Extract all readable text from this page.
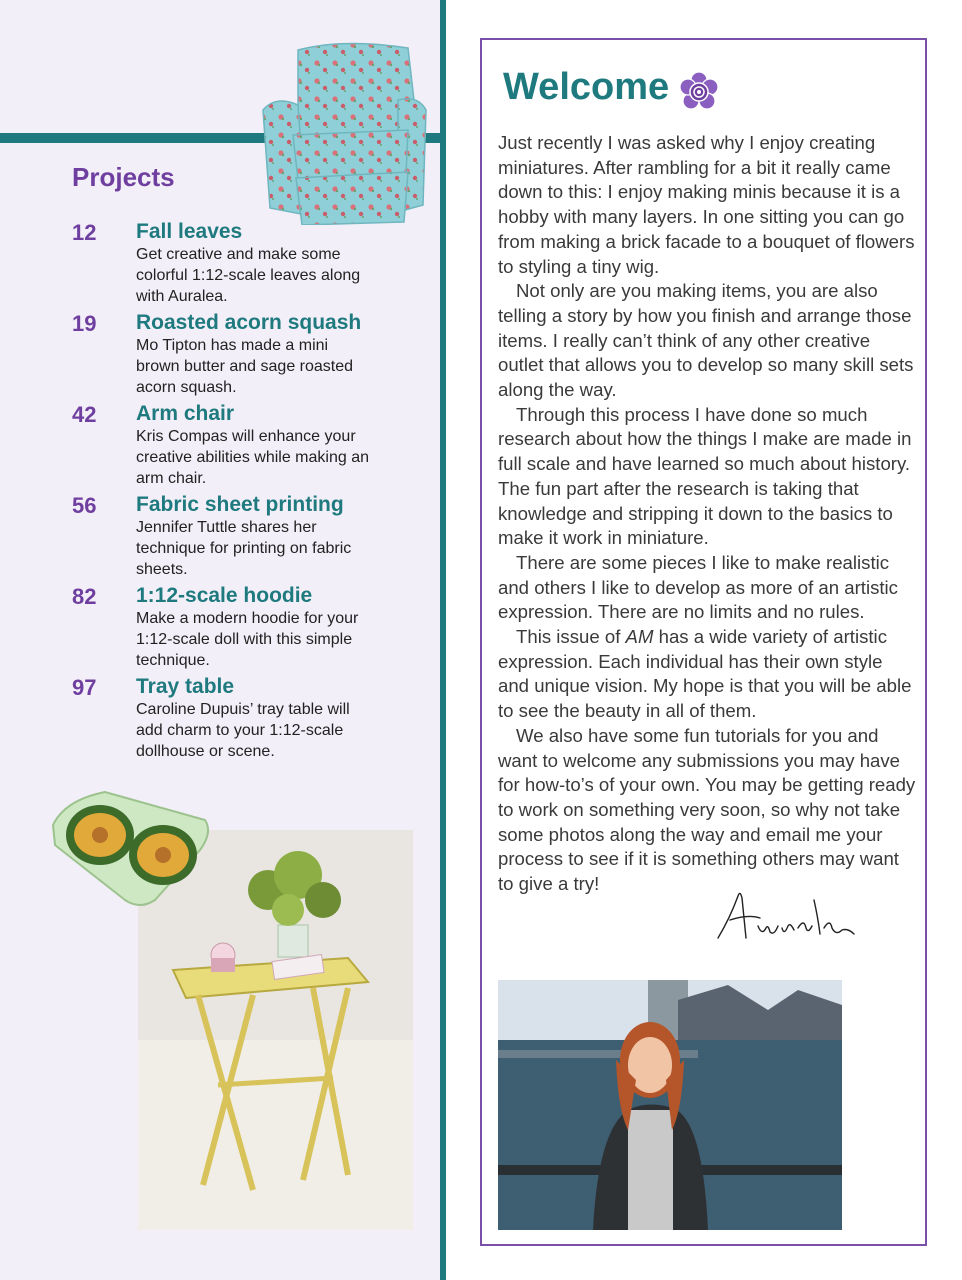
Projects
12	Fall leaves
Get creative and make some colorful 1:12-scale leaves along with Auralea.
19	Roasted acorn squash
Mo Tipton has made a mini brown butter and sage roasted acorn squash.
42	Arm chair
Kris Compas will enhance your creative abilities while making an arm chair.
56	Fabric sheet printing
Jennifer Tuttle shares her technique for printing on fabric sheets.
82	1:12-scale hoodie
Make a modern hoodie for your 1:12-scale doll with this simple technique.
97	Tray table
Caroline Dupuis’ tray table will add charm to your 1:12-scale dollhouse or scene.
Welcome

Just recently I was asked why I enjoy creating miniatures. After rambling for a bit it really came down to this: I enjoy making minis because it is a hobby with many layers. In one sitting you can go from making a brick facade to a bouquet of flowers to styling a tiny wig.

Not only are you making items, you are also telling a story by how you finish and arrange those items. I really can’t think of any other creative outlet that allows you to develop so many skill sets along the way.

Through this process I have done so much research about how the things I make are made in full scale and have learned so much about history. The fun part after the research is taking that knowledge and stripping it down to the basics to make it work in miniature.

There are some pieces I like to make realistic and others I like to develop as more of an artistic expression. There are no limits and no rules.

This issue of AM has a wide variety of artistic expression. Each individual has their own style and unique vision. My hope is that you will be able to see the beauty in all of them.

We also have some fun tutorials for you and want to welcome any submissions you may have for how-to’s of your own. You may be getting ready to work on something very soon, so why not take some photos along the way and email me your process to see if it is something others may want to give a try!
